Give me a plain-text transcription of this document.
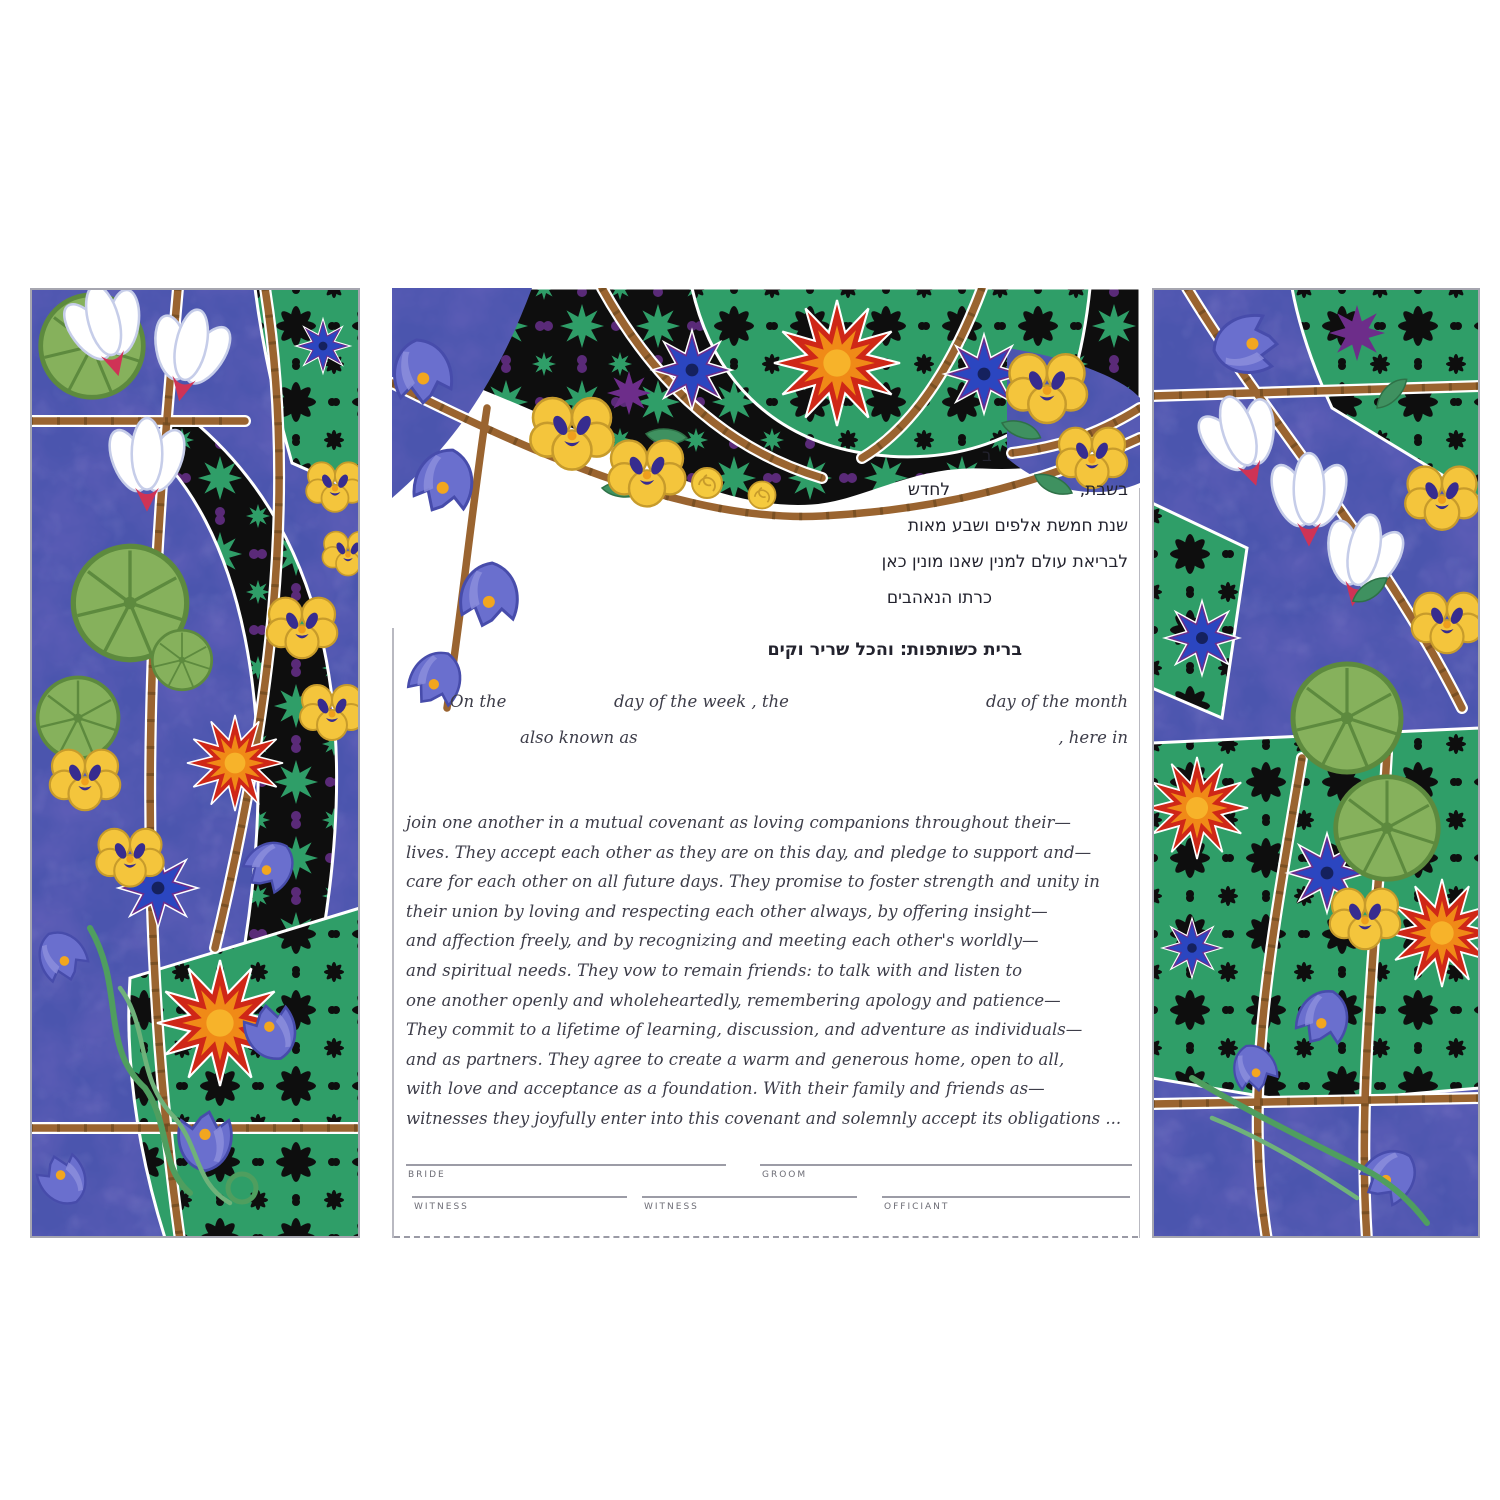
ב
בשבת,
לחדש
שנת חמשת אלפים ושבע מאות
לבריאת עולם למנין שאנו מונין כאן
כרתו הנאהבים
ברית כשותפות: והכל שריר וקים
On the	day of the week , the	day of the month
also known as	, here in
join one another in a mutual covenant as loving companions throughout their—
lives. They accept each other as they are on this day, and pledge to support and—
care for each other on all future days. They promise to foster strength and unity in
their union by loving and respecting each other always, by offering insight—
and affection freely, and by recognizing and meeting each other's worldly—
and spiritual needs. They vow to remain friends: to talk with and listen to
one another openly and wholeheartedly, remembering apology and patience—
They commit to a lifetime of learning, discussion, and adventure as individuals—
and as partners. They agree to create a warm and generous home, open to all,
with love and acceptance as a foundation. With their family and friends as—
witnesses they joyfully enter into this covenant and solemnly accept its obligations ...
BRIDE	GROOM
WITNESS	WITNESS	OFFICIANT
